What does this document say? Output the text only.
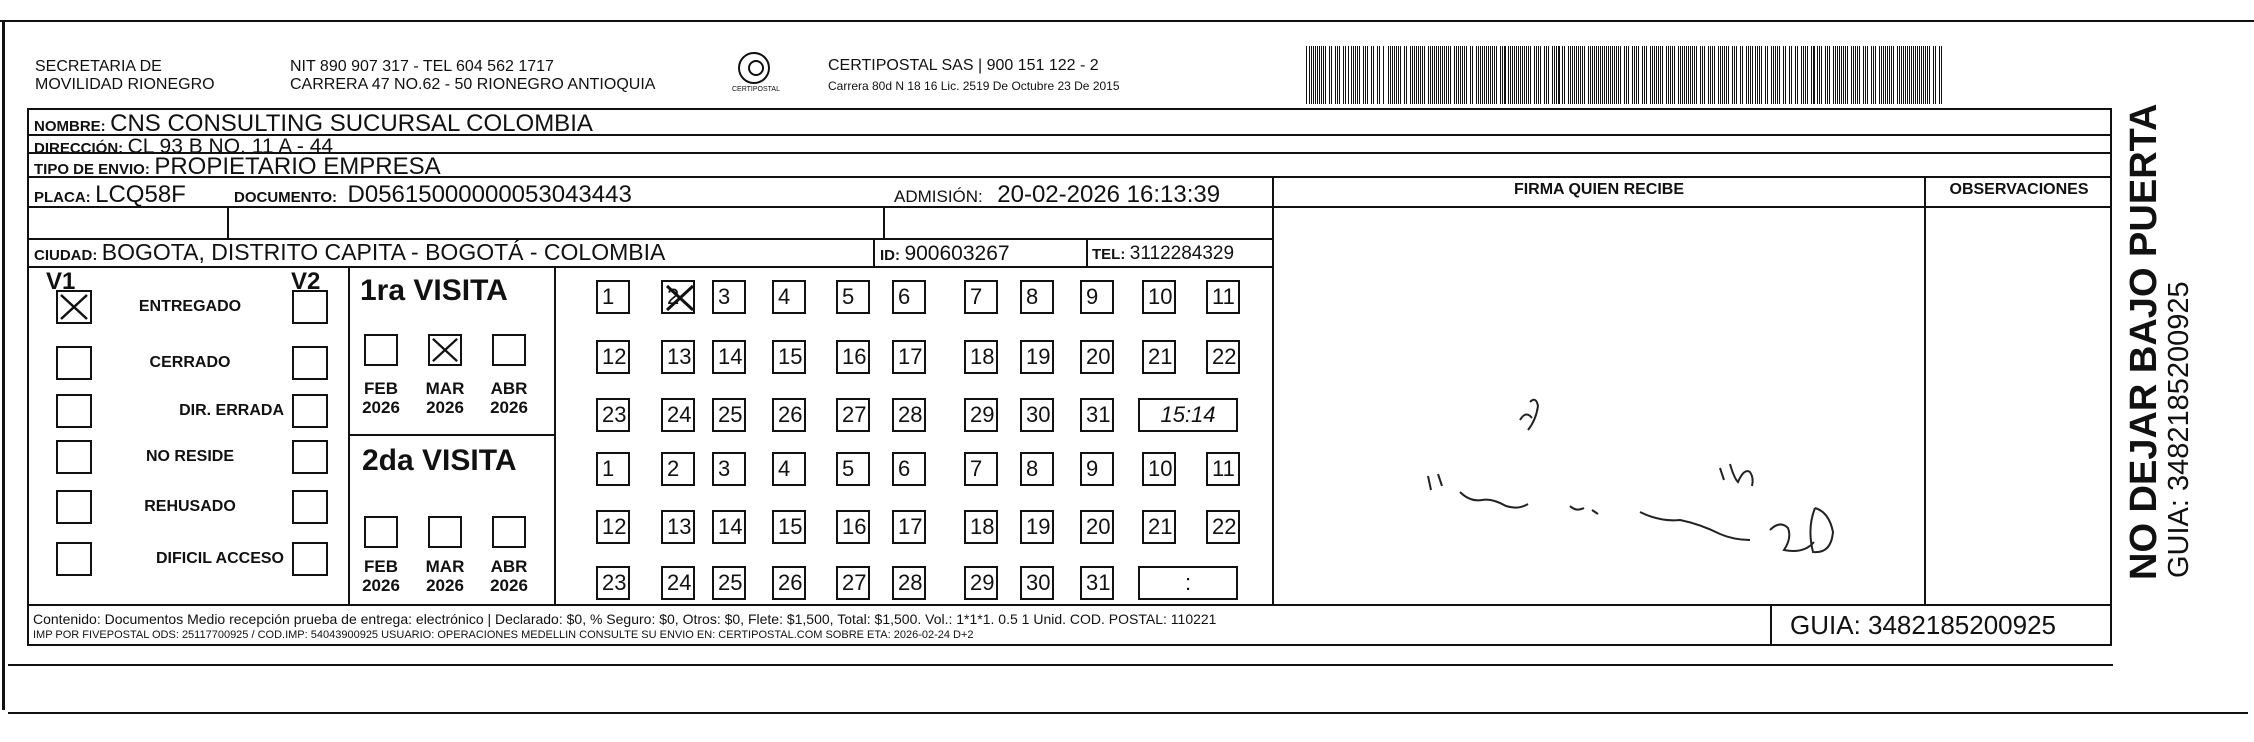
SECRETARIA DE
MOVILIDAD RIONEGRO
NIT 890 907 317 - TEL 604 562 1717
CARRERA 47 NO.62 - 50 RIONEGRO ANTIOQUIA	CERTIPOSTAL
CERTIPOSTAL SAS | 900 151 122 - 2
Carrera 80d N 18 16 Lic. 2519 De Octubre 23 De 2015
NOMBRE: CNS CONSULTING SUCURSAL COLOMBIA
DIRECCIÓN: CL 93 B NO. 11 A - 44
TIPO DE ENVIO: PROPIETARIO EMPRESA
PLACA: LCQ58F	DOCUMENTO: D05615000000053043443	ADMISIÓN: 20-02-2026 16:13:39
CIUDAD: BOGOTA, DISTRITO CAPITA - BOGOTÁ - COLOMBIA	ID: 900603267	TEL: 3112284329
FIRMA QUIEN RECIBE	OBSERVACIONES
V1	V2
ENTREGADO
CERRADO
DIR. ERRADA
NO RESIDE
REHUSADO
DIFICIL ACCESO
1ra VISITA
2da VISITA
FEB
2026
MAR
2026
ABR
2026
FEB
2026
MAR
2026
ABR
2026
1	2	3	4	5	6	7	8	9	10 11
12 13 14 15 16 17 18 19 20 21 22
23 24 25 26 27 28 29 30 31	15:14
1	2	3	4	5	6	7	8	9	10 11
12 13 14 15 16 17 18 19 20 21 22
23 24 25 26 27 28 29 30 31	:
Contenido: Documentos Medio recepción prueba de entrega: electrónico | Declarado: $0, % Seguro: $0, Otros: $0, Flete: $1,500, Total: $1,500. Vol.: 1*1*1. 0.5 1 Unid. COD. POSTAL: 110221
IMP POR FIVEPOSTAL ODS: 25117700925 / COD.IMP: 54043900925 USUARIO: OPERACIONES MEDELLIN CONSULTE SU ENVIO EN: CERTIPOSTAL.COM SOBRE ETA: 2026-02-24 D+2	GUIA: 3482185200925
NO DEJAR BAJO PUERTA
GUIA: 3482185200925
